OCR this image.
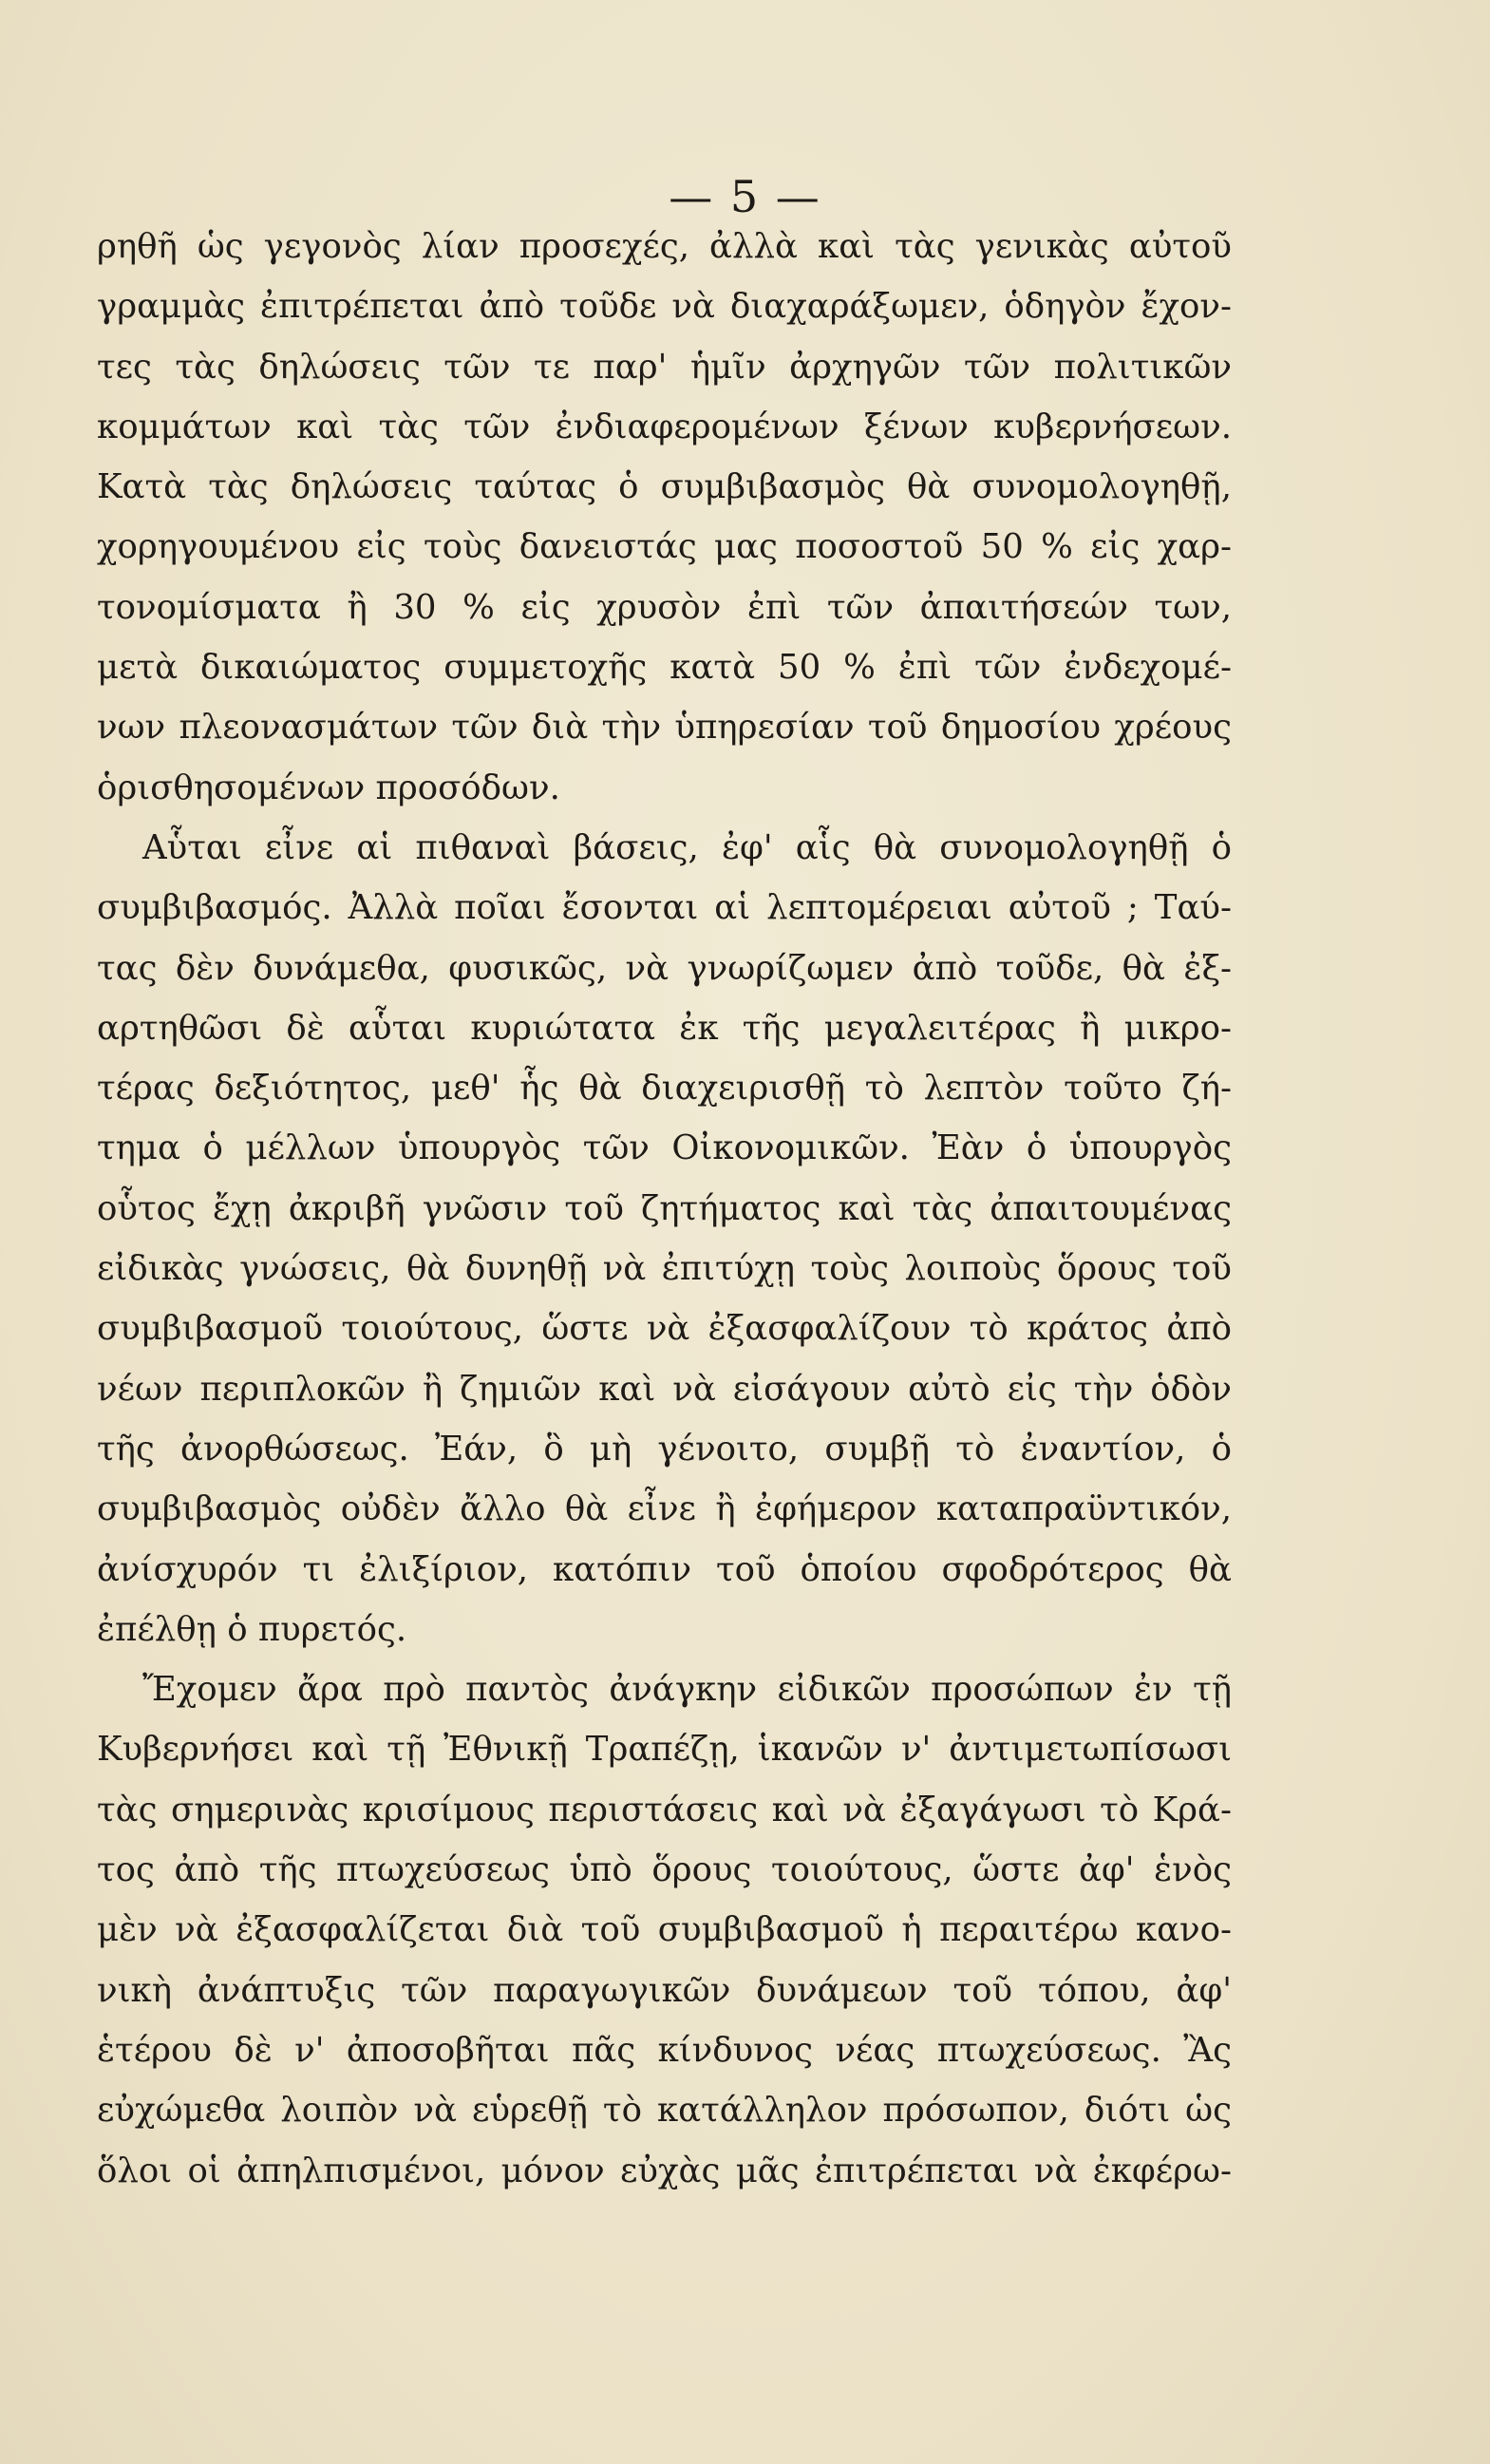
— 5 —
ρηθῆ ὡς γεγονὸς λίαν προσεχές, ἀλλὰ καὶ τὰς γενικὰς αὐτοῦ
γραμμὰς ἐπιτρέπεται ἀπὸ τοῦδε νὰ διαχαράξωμεν, ὁδηγὸν ἔχον-
τες τὰς δηλώσεις τῶν τε παρ' ἡμῖν ἀρχηγῶν τῶν πολιτικῶν
κομμάτων καὶ τὰς τῶν ἐνδιαφερομένων ξένων κυβερνήσεων.
Κατὰ τὰς δηλώσεις ταύτας ὁ συμβιβασμὸς θὰ συνομολογηθῇ,
χορηγουμένου εἰς τοὺς δανειστάς μας ποσοστοῦ 50 % εἰς χαρ-
τονομίσματα ἢ 30 % εἰς χρυσὸν ἐπὶ τῶν ἀπαιτήσεών των,
μετὰ δικαιώματος συμμετοχῆς κατὰ 50 % ἐπὶ τῶν ἐνδεχομέ-
νων πλεονασμάτων τῶν διὰ τὴν ὑπηρεσίαν τοῦ δημοσίου χρέους
ὁρισθησομένων προσόδων.
Αὗται εἶνε αἱ πιθαναὶ βάσεις, ἐφ' αἷς θὰ συνομολογηθῇ ὁ
συμβιβασμός. Ἀλλὰ ποῖαι ἔσονται αἱ λεπτομέρειαι αὐτοῦ ; Ταύ-
τας δὲν δυνάμεθα, φυσικῶς, νὰ γνωρίζωμεν ἀπὸ τοῦδε, θὰ ἐξ-
αρτηθῶσι δὲ αὗται κυριώτατα ἐκ τῆς μεγαλειτέρας ἢ μικρο-
τέρας δεξιότητος, μεθ' ἧς θὰ διαχειρισθῇ τὸ λεπτὸν τοῦτο ζή-
τημα ὁ μέλλων ὑπουργὸς τῶν Οἰκονομικῶν. Ἐὰν ὁ ὑπουργὸς
οὗτος ἔχῃ ἀκριβῆ γνῶσιν τοῦ ζητήματος καὶ τὰς ἀπαιτουμένας
εἰδικὰς γνώσεις, θὰ δυνηθῇ νὰ ἐπιτύχῃ τοὺς λοιποὺς ὅρους τοῦ
συμβιβασμοῦ τοιούτους, ὥστε νὰ ἐξασφαλίζουν τὸ κράτος ἀπὸ
νέων περιπλοκῶν ἢ ζημιῶν καὶ νὰ εἰσάγουν αὐτὸ εἰς τὴν ὁδὸν
τῆς ἀνορθώσεως. Ἐάν, ὃ μὴ γένοιτο, συμβῇ τὸ ἐναντίον, ὁ
συμβιβασμὸς οὐδὲν ἄλλο θὰ εἶνε ἢ ἐφήμερον καταπραϋντικόν,
ἀνίσχυρόν τι ἐλιξίριον, κατόπιν τοῦ ὁποίου σφοδρότερος θὰ
ἐπέλθῃ ὁ πυρετός.
Ἔχομεν ἄρα πρὸ παντὸς ἀνάγκην εἰδικῶν προσώπων ἐν τῇ
Κυβερνήσει καὶ τῇ Ἐθνικῇ Τραπέζῃ, ἱκανῶν ν' ἀντιμετωπίσωσι
τὰς σημερινὰς κρισίμους περιστάσεις καὶ νὰ ἐξαγάγωσι τὸ Κρά-
τος ἀπὸ τῆς πτωχεύσεως ὑπὸ ὅρους τοιούτους, ὥστε ἀφ' ἑνὸς
μὲν νὰ ἐξασφαλίζεται διὰ τοῦ συμβιβασμοῦ ἡ περαιτέρω κανο-
νικὴ ἀνάπτυξις τῶν παραγωγικῶν δυνάμεων τοῦ τόπου, ἀφ'
ἑτέρου δὲ ν' ἀποσοβῆται πᾶς κίνδυνος νέας πτωχεύσεως. Ἂς
εὐχώμεθα λοιπὸν νὰ εὑρεθῇ τὸ κατάλληλον πρόσωπον, διότι ὡς
ὅλοι οἱ ἀπηλπισμένοι, μόνον εὐχὰς μᾶς ἐπιτρέπεται νὰ ἐκφέρω-
